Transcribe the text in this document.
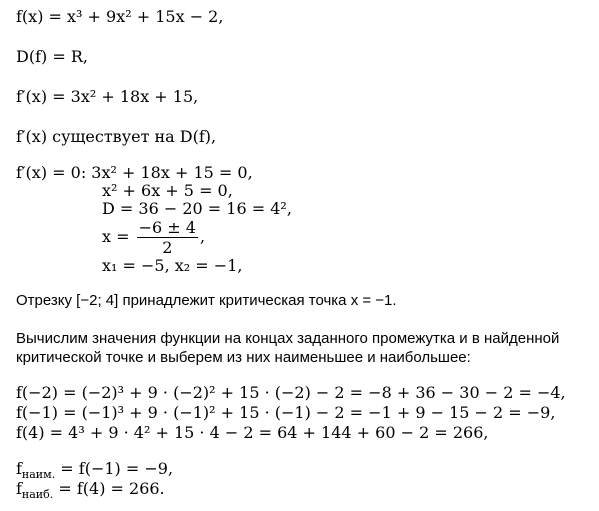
f(x) = x³ + 9x² + 15x − 2,
D(f) = R,
f′(x) = 3x² + 18x + 15,
f′(x) существует на D(f),
f′(x) = 0: 3x² + 18x + 15 = 0,
x² + 6x + 5 = 0,
D = 36 − 20 = 16 = 4²,
$x = \frac{-6 \pm 4}{2}$ ,
x₁ = −5, x₂ = −1,
Отрезку [−2; 4] принадлежит критическая точка x = −1.
Вычислим значения функции на концах заданного промежутка и в найденной
критической точке и выберем из них наименьшее и наибольшее:
f(−2) = (−2)³ + 9 · (−2)² + 15 · (−2) − 2 = −8 + 36 − 30 − 2 = −4,
f(−1) = (−1)³ + 9 · (−1)² + 15 · (−1) − 2 = −1 + 9 − 15 − 2 = −9,
f(4) = 4³ + 9 · 4² + 15 · 4 − 2 = 64 + 144 + 60 − 2 = 266,
$f_{наим.} = f(-1) = -9$,
$f_{наиб.} = f(4) = 266$.
